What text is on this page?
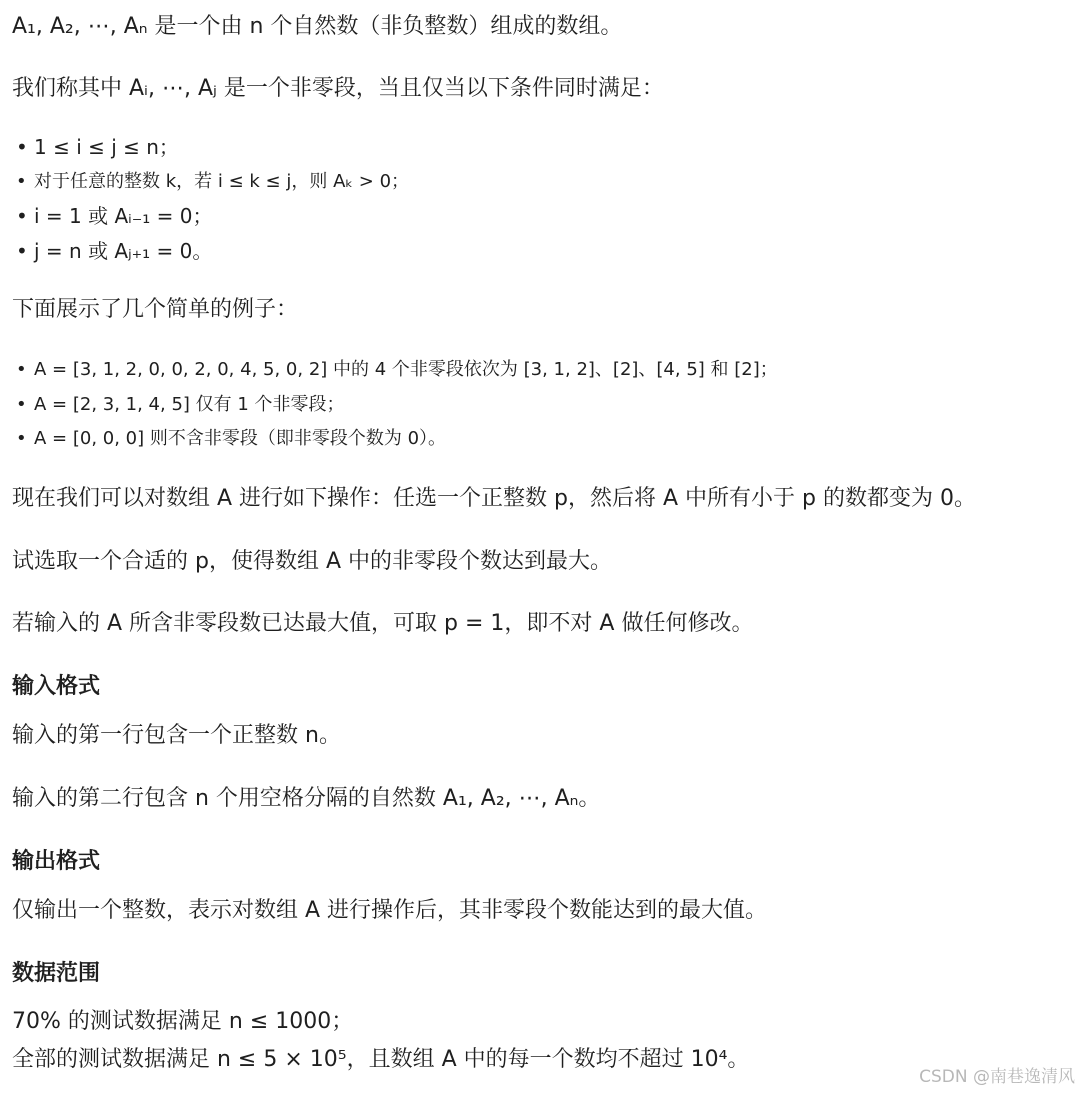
A₁, A₂, ⋯, Aₙ 是一个由 n 个自然数（非负整数）组成的数组。
我们称其中 Aᵢ, ⋯, Aⱼ 是一个非零段，当且仅当以下条件同时满足：
• 1 ≤ i ≤ j ≤ n；
• 对于任意的整数 k，若 i ≤ k ≤ j，则 Aₖ > 0；
• i = 1 或 Aᵢ₋₁ = 0；
• j = n 或 Aⱼ₊₁ = 0。
下面展示了几个简单的例子：
• A = [3, 1, 2, 0, 0, 2, 0, 4, 5, 0, 2] 中的 4 个非零段依次为 [3, 1, 2]、[2]、[4, 5] 和 [2]；
• A = [2, 3, 1, 4, 5] 仅有 1 个非零段；
• A = [0, 0, 0] 则不含非零段（即非零段个数为 0）。
现在我们可以对数组 A 进行如下操作：任选一个正整数 p，然后将 A 中所有小于 p 的数都变为 0。
试选取一个合适的 p，使得数组 A 中的非零段个数达到最大。
若输入的 A 所含非零段数已达最大值，可取 p = 1，即不对 A 做任何修改。
输入格式
输入的第一行包含一个正整数 n。
输入的第二行包含 n 个用空格分隔的自然数 A₁, A₂, ⋯, Aₙ。
输出格式
仅输出一个整数，表示对数组 A 进行操作后，其非零段个数能达到的最大值。
数据范围
70% 的测试数据满足 n ≤ 1000；
全部的测试数据满足 n ≤ 5 × 10⁵，且数组 A 中的每一个数均不超过 10⁴。
CSDN @南巷逸清风
